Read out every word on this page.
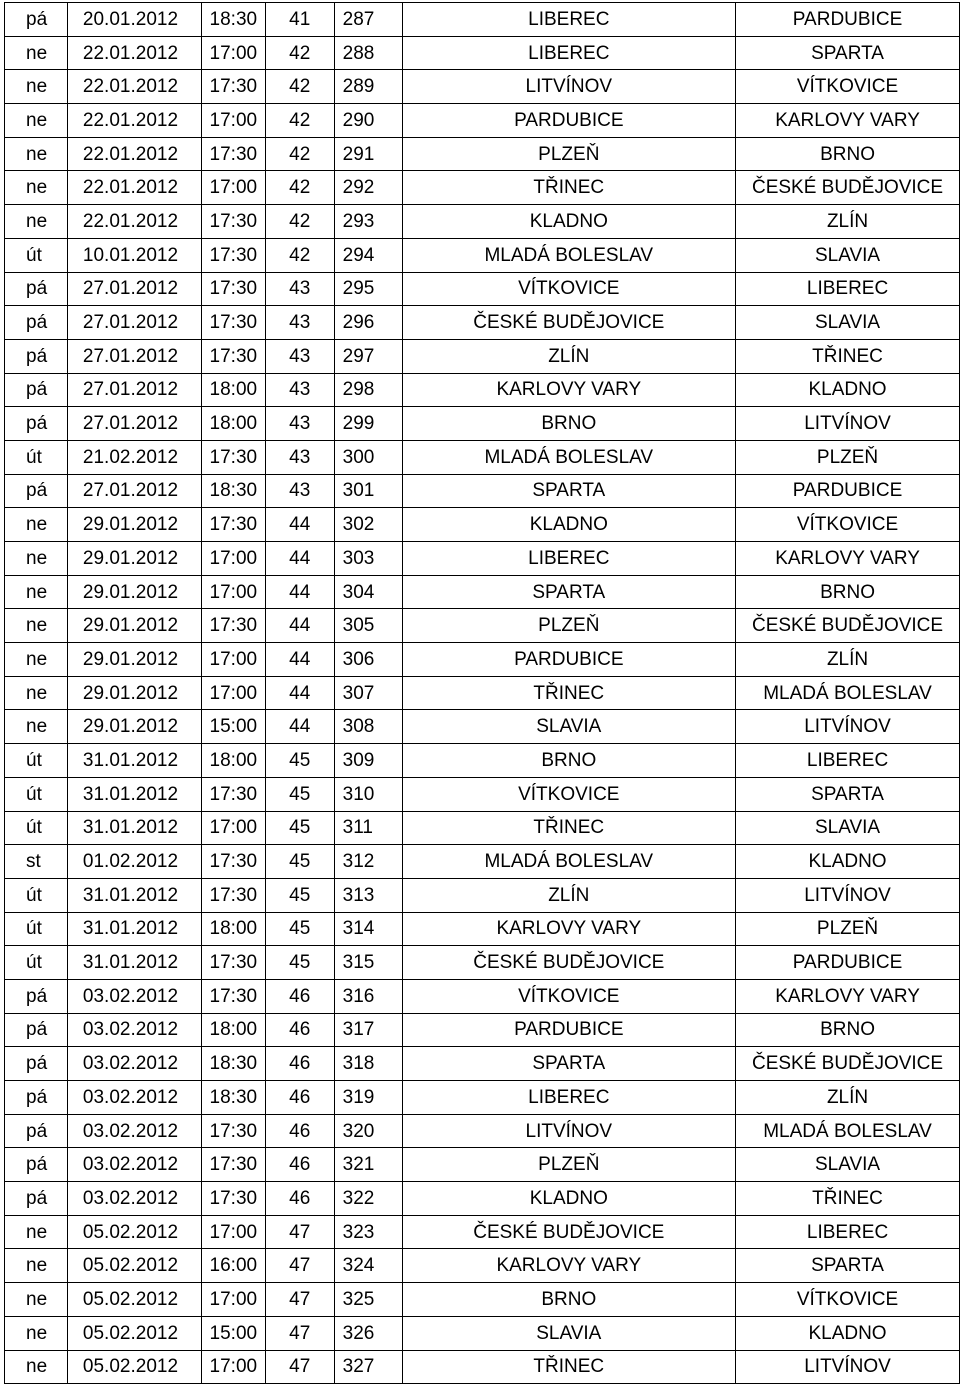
pá	20.01.2012	18:30	41	287	LIBEREC	PARDUBICE
ne	22.01.2012	17:00	42	288	LIBEREC	SPARTA
ne	22.01.2012	17:30	42	289	LITVÍNOV	VÍTKOVICE
ne	22.01.2012	17:00	42	290	PARDUBICE	KARLOVY VARY
ne	22.01.2012	17:30	42	291	PLZEŇ	BRNO
ne	22.01.2012	17:00	42	292	TŘINEC	ČESKÉ BUDĚJOVICE
ne	22.01.2012	17:30	42	293	KLADNO	ZLÍN
út	10.01.2012	17:30	42	294	MLADÁ BOLESLAV	SLAVIA
pá	27.01.2012	17:30	43	295	VÍTKOVICE	LIBEREC
pá	27.01.2012	17:30	43	296	ČESKÉ BUDĚJOVICE	SLAVIA
pá	27.01.2012	17:30	43	297	ZLÍN	TŘINEC
pá	27.01.2012	18:00	43	298	KARLOVY VARY	KLADNO
pá	27.01.2012	18:00	43	299	BRNO	LITVÍNOV
út	21.02.2012	17:30	43	300	MLADÁ BOLESLAV	PLZEŇ
pá	27.01.2012	18:30	43	301	SPARTA	PARDUBICE
ne	29.01.2012	17:30	44	302	KLADNO	VÍTKOVICE
ne	29.01.2012	17:00	44	303	LIBEREC	KARLOVY VARY
ne	29.01.2012	17:00	44	304	SPARTA	BRNO
ne	29.01.2012	17:30	44	305	PLZEŇ	ČESKÉ BUDĚJOVICE
ne	29.01.2012	17:00	44	306	PARDUBICE	ZLÍN
ne	29.01.2012	17:00	44	307	TŘINEC	MLADÁ BOLESLAV
ne	29.01.2012	15:00	44	308	SLAVIA	LITVÍNOV
út	31.01.2012	18:00	45	309	BRNO	LIBEREC
út	31.01.2012	17:30	45	310	VÍTKOVICE	SPARTA
út	31.01.2012	17:00	45	311	TŘINEC	SLAVIA
st	01.02.2012	17:30	45	312	MLADÁ BOLESLAV	KLADNO
út	31.01.2012	17:30	45	313	ZLÍN	LITVÍNOV
út	31.01.2012	18:00	45	314	KARLOVY VARY	PLZEŇ
út	31.01.2012	17:30	45	315	ČESKÉ BUDĚJOVICE	PARDUBICE
pá	03.02.2012	17:30	46	316	VÍTKOVICE	KARLOVY VARY
pá	03.02.2012	18:00	46	317	PARDUBICE	BRNO
pá	03.02.2012	18:30	46	318	SPARTA	ČESKÉ BUDĚJOVICE
pá	03.02.2012	18:30	46	319	LIBEREC	ZLÍN
pá	03.02.2012	17:30	46	320	LITVÍNOV	MLADÁ BOLESLAV
pá	03.02.2012	17:30	46	321	PLZEŇ	SLAVIA
pá	03.02.2012	17:30	46	322	KLADNO	TŘINEC
ne	05.02.2012	17:00	47	323	ČESKÉ BUDĚJOVICE	LIBEREC
ne	05.02.2012	16:00	47	324	KARLOVY VARY	SPARTA
ne	05.02.2012	17:00	47	325	BRNO	VÍTKOVICE
ne	05.02.2012	15:00	47	326	SLAVIA	KLADNO
ne	05.02.2012	17:00	47	327	TŘINEC	LITVÍNOV
